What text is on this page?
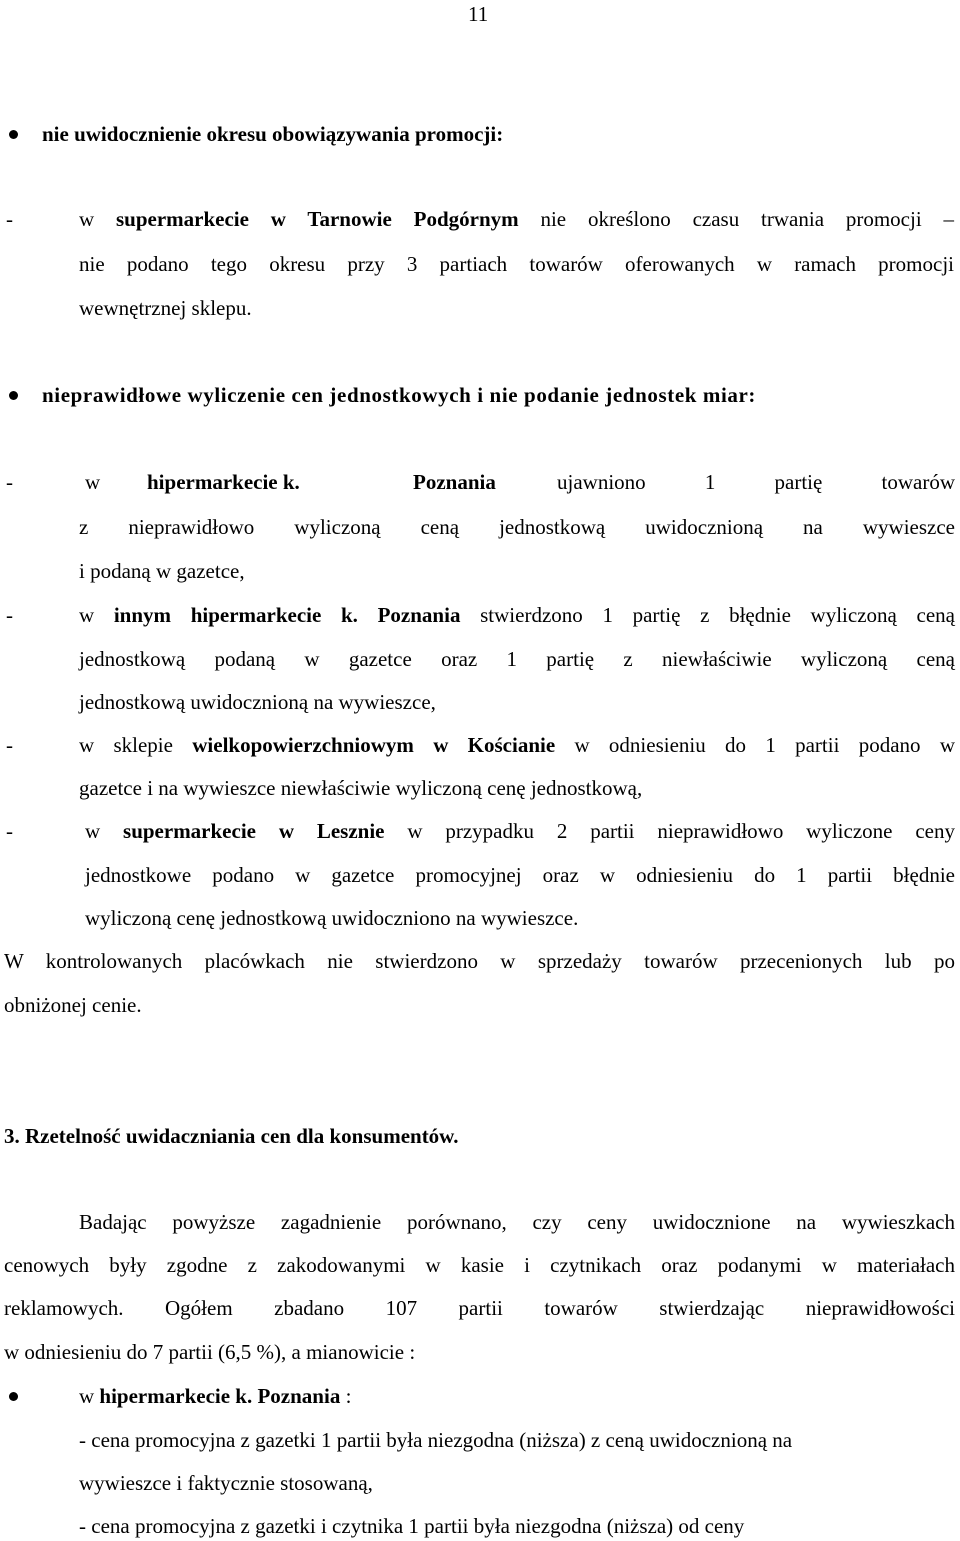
11
nie uwidocznienie okresu obowiązywania promocji:
-	w supermarkecie w Tarnowie Podgórnym nie określono czasu trwania promocji –
nie podano tego okresu przy 3 partiach towarów oferowanych w ramach promocji
wewnętrznej sklepu.
nieprawidłowe wyliczenie cen jednostkowych i nie podanie jednostek miar:
-	w hipermarkecie k.	Poznania	ujawniono 1 partię towarów
z nieprawidłowo wyliczoną ceną jednostkową uwidocznioną na wywieszce
i podaną w gazetce,
-	w innym hipermarkecie k. Poznania stwierdzono 1 partię z błędnie wyliczoną ceną
jednostkową podaną w gazetce oraz 1 partię z niewłaściwie wyliczoną ceną
jednostkową uwidocznioną na wywieszce,
-	w sklepie wielkopowierzchniowym w Kościanie w odniesieniu do 1 partii podano w
gazetce i na wywieszce niewłaściwie wyliczoną cenę jednostkową,
-	w supermarkecie w Lesznie w przypadku 2 partii nieprawidłowo wyliczone ceny
jednostkowe podano w gazetce promocyjnej oraz w odniesieniu do 1 partii błędnie
wyliczoną cenę jednostkową uwidoczniono na wywieszce.
W kontrolowanych placówkach nie stwierdzono w sprzedaży towarów przecenionych lub po
obniżonej cenie.
3. Rzetelność uwidaczniania cen dla konsumentów.
Badając powyższe zagadnienie porównano, czy ceny uwidocznione na wywieszkach
cenowych były zgodne z zakodowanymi w kasie i czytnikach oraz podanymi w materiałach
reklamowych. Ogółem zbadano 107 partii towarów stwierdzając nieprawidłowości
w odniesieniu do 7 partii (6,5 %), a mianowicie :
w hipermarkecie k. Poznania :
- cena promocyjna z gazetki 1 partii była niezgodna (niższa) z ceną uwidocznioną na
wywieszce i faktycznie stosowaną,
- cena promocyjna z gazetki i czytnika 1 partii była niezgodna (niższa) od ceny
